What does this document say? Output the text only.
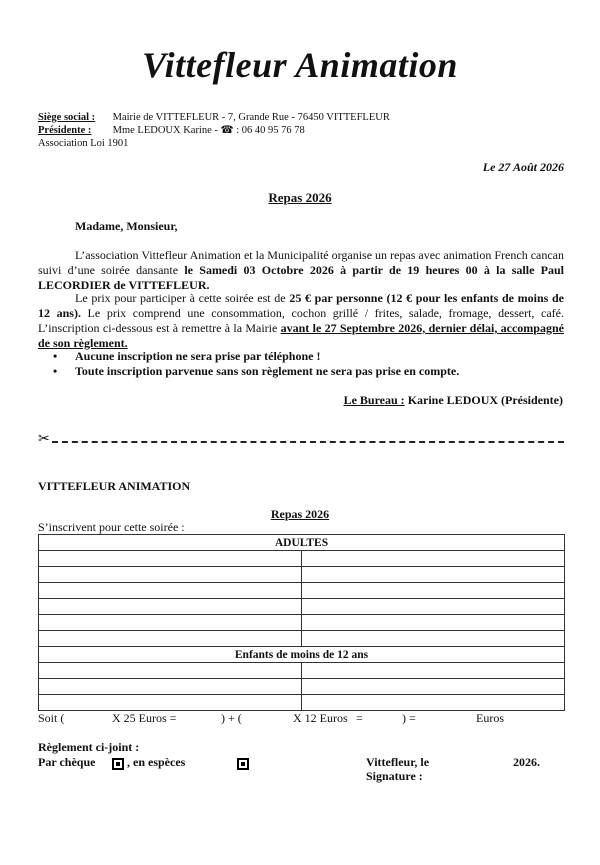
Vittefleur Animation
Siège social : Mairie de VITTEFLEUR - 7, Grande Rue - 76450 VITTEFLEUR
Présidente : Mme LEDOUX Karine - ☎ : 06 40 95 76 78
Association Loi 1901
Le 27 Août 2026
Repas 2026
Madame, Monsieur,
L’association Vittefleur Animation et la Municipalité organise un repas avec animation French cancan suivi d’une soirée dansante le Samedi 03 Octobre 2026 à partir de 19 heures 00 à la salle Paul LECORDIER de VITTEFLEUR.
Le prix pour participer à cette soirée est de 25 € par personne (12 € pour les enfants de moins de 12 ans). Le prix comprend une consommation, cochon grillé / frites, salade, fromage, dessert, café. L’inscription ci-dessous est à remettre à la Mairie avant le 27 Septembre 2026, dernier délai, accompagné de son règlement.
• Aucune inscription ne sera prise par téléphone !
• Toute inscription parvenue sans son règlement ne sera pas prise en compte.
Le Bureau : Karine LEDOUX (Présidente)
✂
VITTEFLEUR ANIMATION
Repas 2026
S’inscrivent pour cette soirée :
ADULTES	

Enfants de moins de 12 ans	

Soit (	X 25 Euros =	) + (	X 12 Euros =	) =	Euros
Règlement ci-joint :
Par chèque
	, en espèces	Vittefleur, le	2026.
Signature :
